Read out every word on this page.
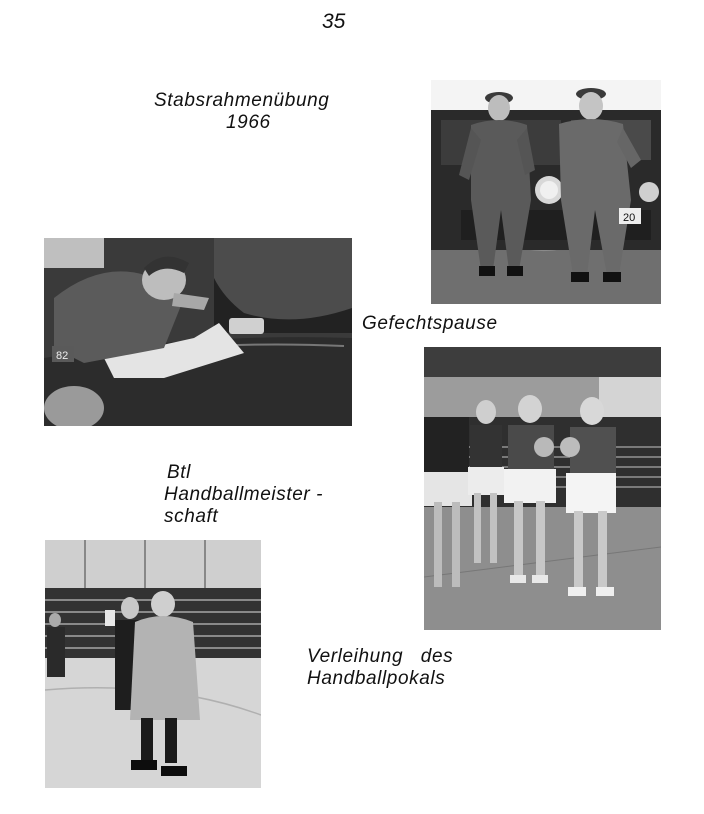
35
Stabsrahmenübung
1966
20
82
Gefechtspause
Btl
Handballmeister -
schaft
Verleihung   des
Handballpokals
